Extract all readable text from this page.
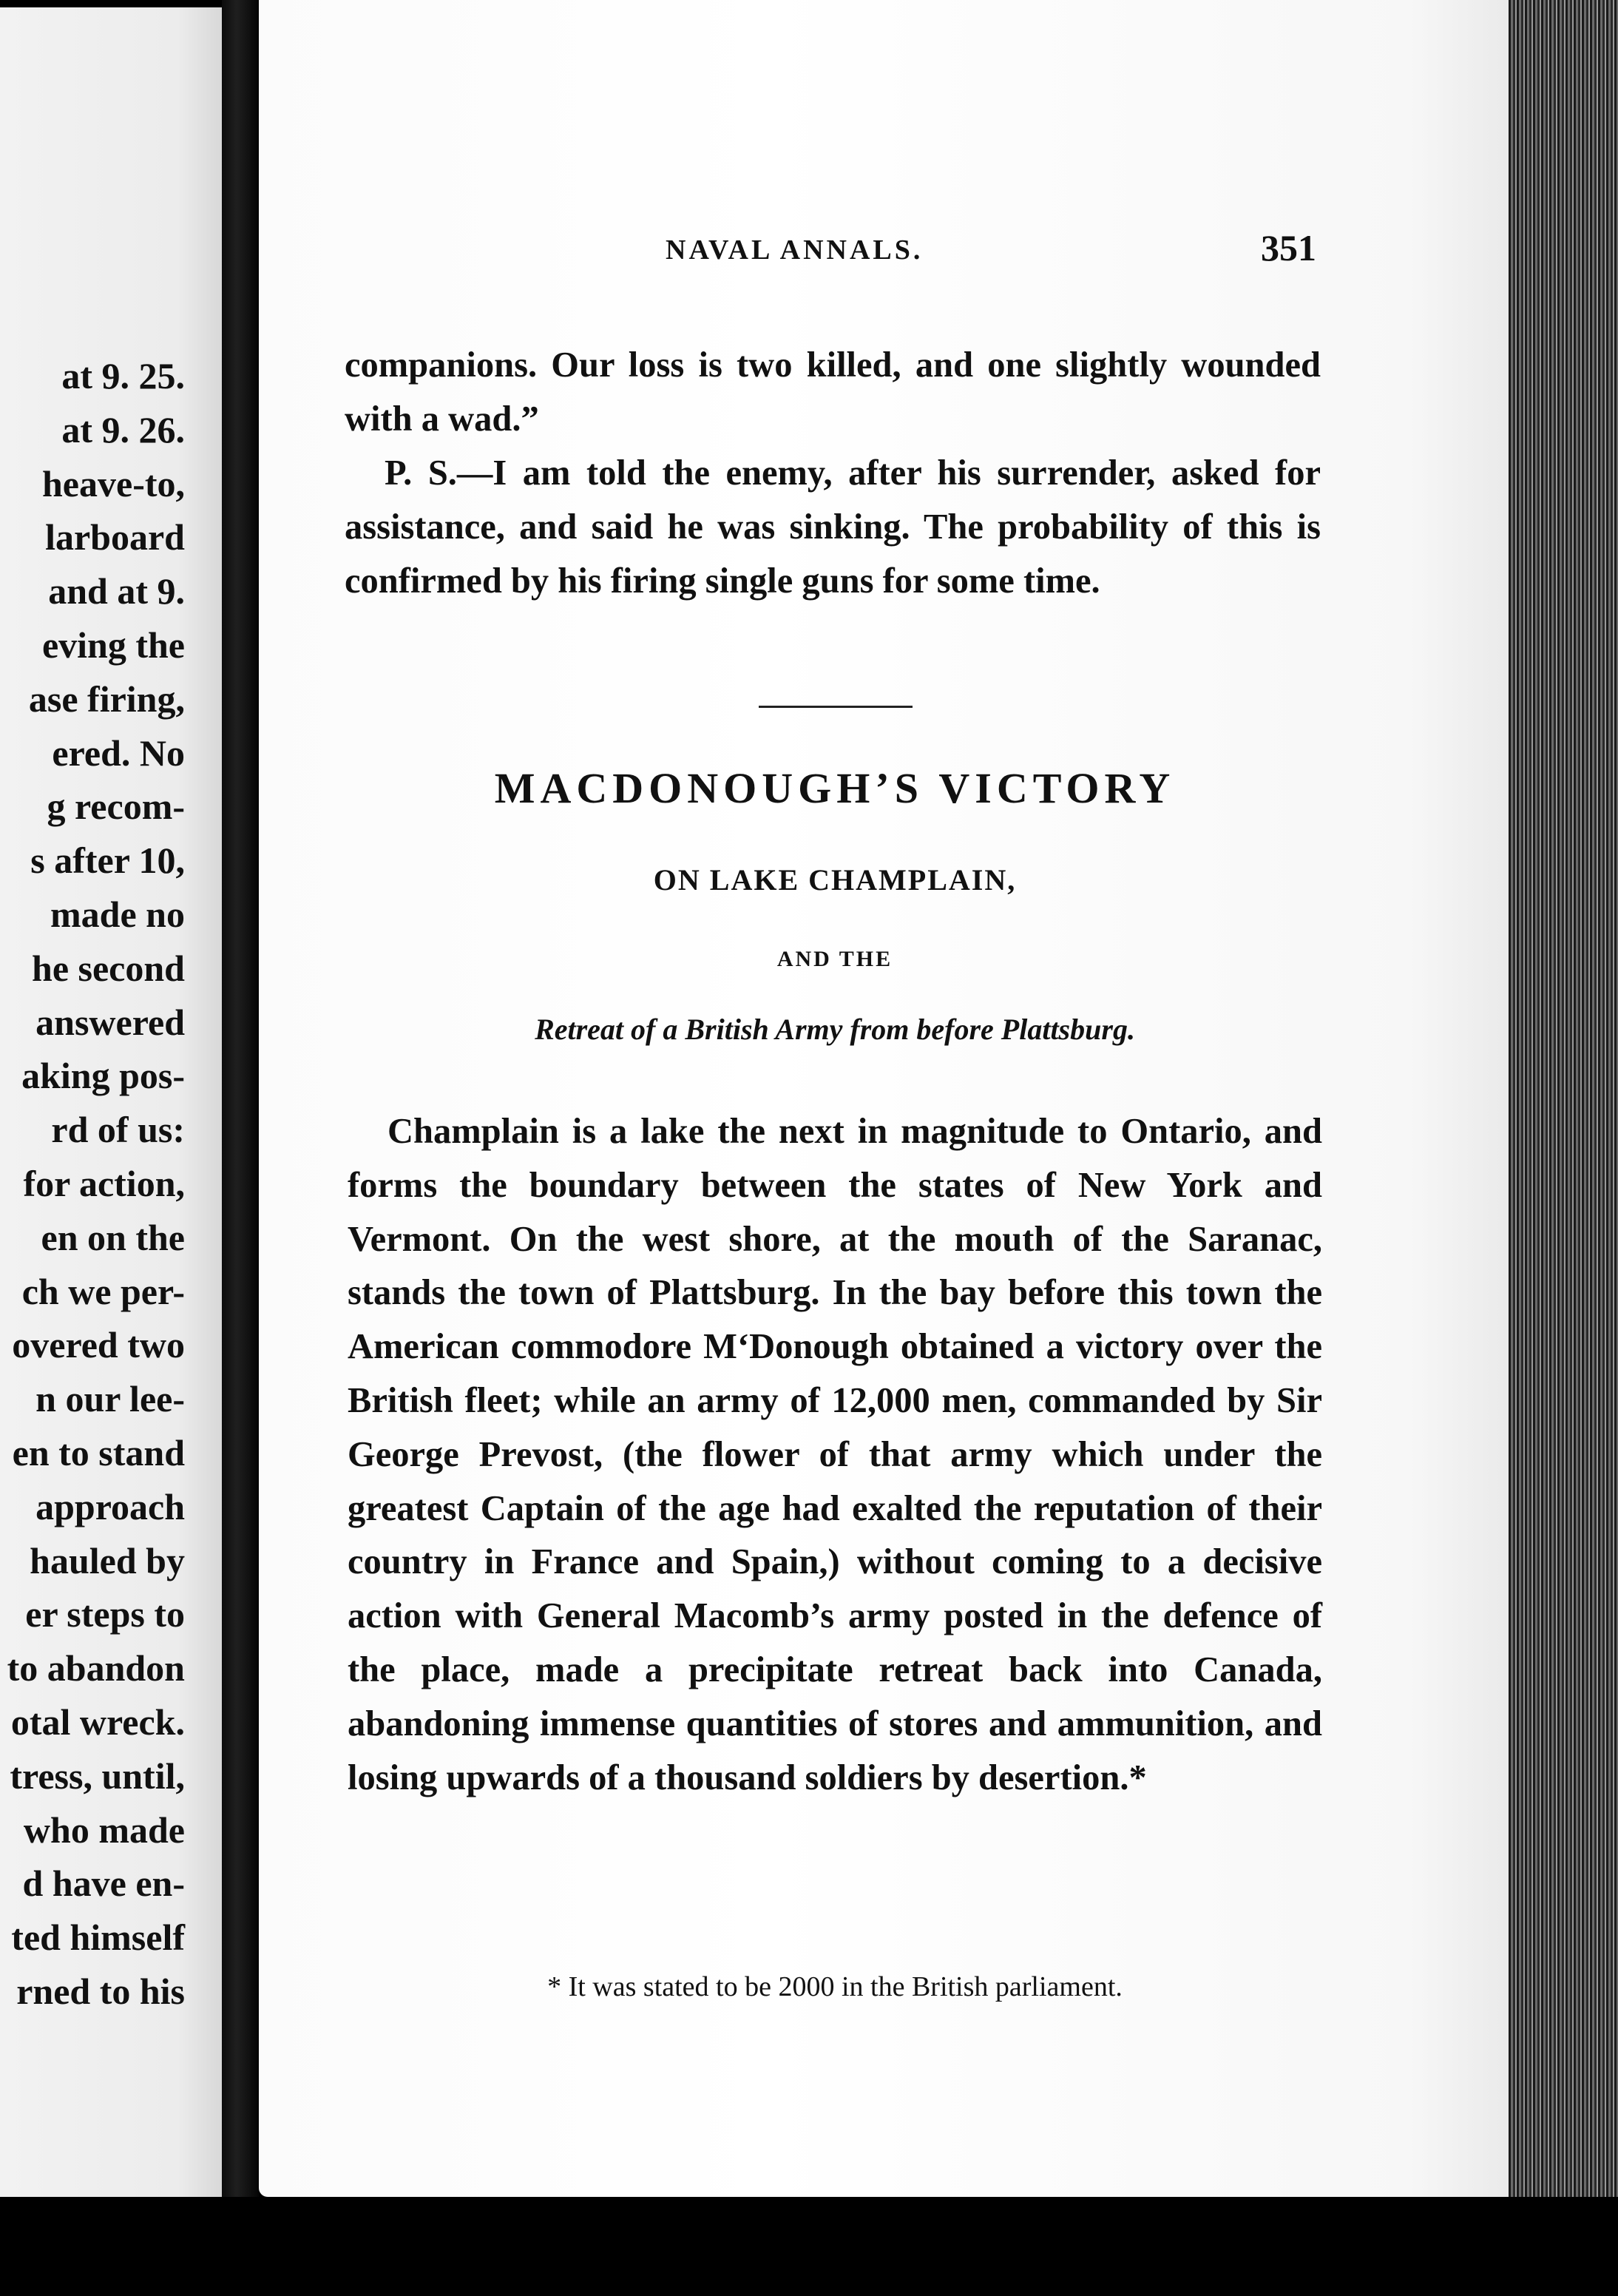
at 9. 25.
at 9. 26.
heave-to,
larboard
and at 9.
eving the
ase firing,
ered. No
g recom-
s after 10,
made no
he second
answered
aking pos-
rd of us:
for action,
en on the
ch we per-
overed two
n our lee-
en to stand
approach
hauled by
er steps to
to abandon
otal wreck.
tress, until,
who made
d have en-
ted himself
rned to his
NAVAL ANNALS.	351

companions. Our loss is two killed, and one slightly wounded with a wad.”

P. S.—I am told the enemy, after his surrender, asked for assistance, and said he was sinking. The probability of this is confirmed by his firing single guns for some time.

MACDONOUGH’S VICTORY
ON LAKE CHAMPLAIN,
AND THE
Retreat of a British Army from before Plattsburg.

Champlain is a lake the next in magnitude to Ontario, and forms the boundary between the states of New York and Vermont. On the west shore, at the mouth of the Saranac, stands the town of Plattsburg. In the bay before this town the American commodore M‘Donough obtained a victory over the British fleet; while an army of 12,000 men, commanded by Sir George Prevost, (the flower of that army which under the greatest Captain of the age had exalted the reputation of their country in France and Spain,) without coming to a decisive action with General Macomb’s army posted in the defence of the place, made a precipitate retreat back into Canada, abandoning immense quantities of stores and ammunition, and losing upwards of a thousand soldiers by desertion.*

* It was stated to be 2000 in the British parliament.
